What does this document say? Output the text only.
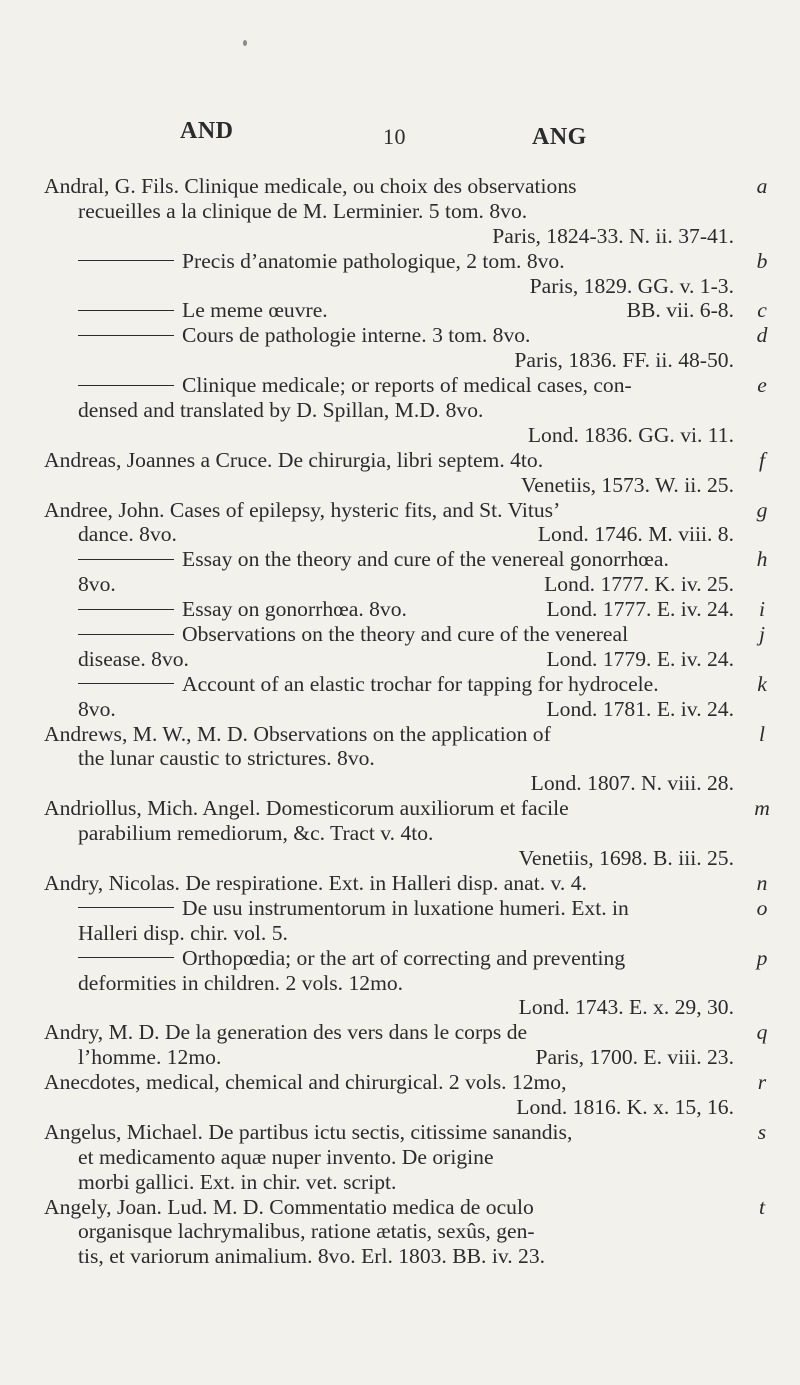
AND	10	ANG
Andral, G. Fils. Clinique medicale, ou choix des observations	a
recueilles a la clinique de M. Lerminier. 5 tom. 8vo.
Paris, 1824-33. N. ii. 37-41.
Precis d’anatomie pathologique, 2 tom. 8vo.	b
Paris, 1829. GG. v. 1-3.
Le meme œuvre.	BB. vii. 6-8. c
Cours de pathologie interne. 3 tom. 8vo.	d
Paris, 1836. FF. ii. 48-50.
Clinique medicale; or reports of medical cases, con-	e
densed and translated by D. Spillan, M.D. 8vo.
Lond. 1836. GG. vi. 11.
Andreas, Joannes a Cruce. De chirurgia, libri septem. 4to.	f
Venetiis, 1573. W. ii. 25.
Andree, John. Cases of epilepsy, hysteric fits, and St. Vitus’	g
dance. 8vo.	Lond. 1746. M. viii. 8.
Essay on the theory and cure of the venereal gonorrhœa.	h
8vo.	Lond. 1777. K. iv. 25.
Essay on gonorrhœa. 8vo.	Lond. 1777. E. iv. 24. i
Observations on the theory and cure of the venereal	j
disease. 8vo.	Lond. 1779. E. iv. 24.
Account of an elastic trochar for tapping for hydrocele.	k
8vo.	Lond. 1781. E. iv. 24.
Andrews, M. W., M. D. Observations on the application of	l
the lunar caustic to strictures. 8vo.
Lond. 1807. N. viii. 28.
Andriollus, Mich. Angel. Domesticorum auxiliorum et facile	m
parabilium remediorum, &c. Tract v. 4to.
Venetiis, 1698. B. iii. 25.
Andry, Nicolas. De respiratione. Ext. in Halleri disp. anat. v. 4.	n
De usu instrumentorum in luxatione humeri. Ext. in	o
Halleri disp. chir. vol. 5.
Orthopœdia; or the art of correcting and preventing	p
deformities in children. 2 vols. 12mo.
Lond. 1743. E. x. 29, 30.
Andry, M. D. De la generation des vers dans le corps de	q
l’homme. 12mo.	Paris, 1700. E. viii. 23.
Anecdotes, medical, chemical and chirurgical. 2 vols. 12mo,	r
Lond. 1816. K. x. 15, 16.
Angelus, Michael. De partibus ictu sectis, citissime sanandis,	s
et medicamento aquæ nuper invento. De origine
morbi gallici. Ext. in chir. vet. script.
Angely, Joan. Lud. M. D. Commentatio medica de oculo	t
organisque lachrymalibus, ratione ætatis, sexûs, gen-
tis, et variorum animalium. 8vo. Erl. 1803. BB. iv. 23.
